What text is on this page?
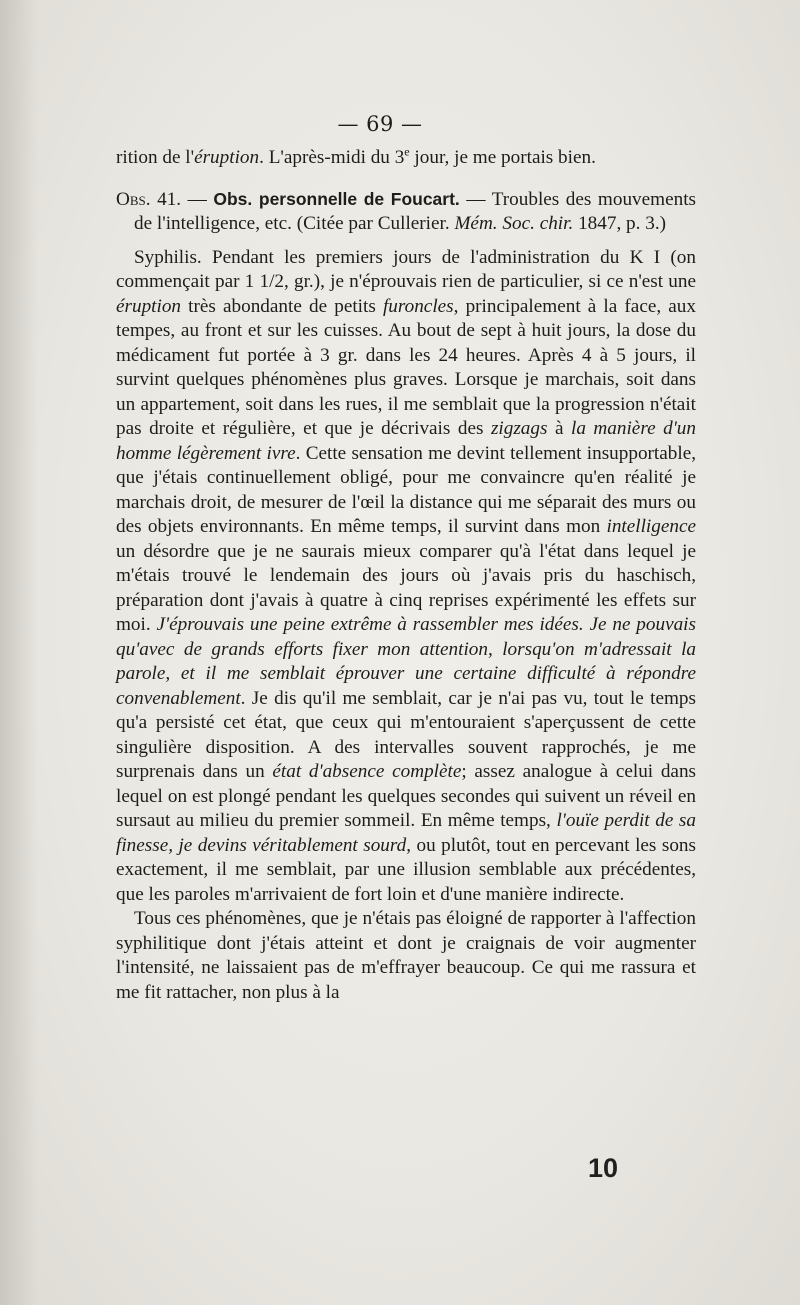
— 69 —

rition de l'éruption. L'après-midi du 3e jour, je me portais bien.

Obs. 41. — Obs. personnelle de Foucart. — Troubles des mouvements de l'intelligence, etc. (Citée par Cullerier. Mém. Soc. chir. 1847, p. 3.)

Syphilis. Pendant les premiers jours de l'administration du K I (on commençait par 1 1/2, gr.), je n'éprouvais rien de particulier, si ce n'est une éruption très abondante de petits furoncles, principalement à la face, aux tempes, au front et sur les cuisses. Au bout de sept à huit jours, la dose du médicament fut portée à 3 gr. dans les 24 heures. Après 4 à 5 jours, il survint quelques phénomènes plus graves. Lorsque je marchais, soit dans un appartement, soit dans les rues, il me semblait que la progression n'était pas droite et régulière, et que je décrivais des zigzags à la manière d'un homme légèrement ivre. Cette sensation me devint tellement insupportable, que j'étais continuellement obligé, pour me convaincre qu'en réalité je marchais droit, de mesurer de l'œil la distance qui me séparait des murs ou des objets environnants. En même temps, il survint dans mon intelligence un désordre que je ne saurais mieux comparer qu'à l'état dans lequel je m'étais trouvé le lendemain des jours où j'avais pris du haschisch, préparation dont j'avais à quatre à cinq reprises expérimenté les effets sur moi. J'éprouvais une peine extrême à rassembler mes idées. Je ne pouvais qu'avec de grands efforts fixer mon attention, lorsqu'on m'adressait la parole, et il me semblait éprouver une certaine difficulté à répondre convenablement. Je dis qu'il me semblait, car je n'ai pas vu, tout le temps qu'a persisté cet état, que ceux qui m'entouraient s'aperçussent de cette singulière disposition. A des intervalles souvent rapprochés, je me surprenais dans un état d'absence complète; assez analogue à celui dans lequel on est plongé pendant les quelques secondes qui suivent un réveil en sursaut au milieu du premier sommeil. En même temps, l'ouïe perdit de sa finesse, je devins véritablement sourd, ou plutôt, tout en percevant les sons exactement, il me semblait, par une illusion semblable aux précédentes, que les paroles m'arrivaient de fort loin et d'une manière indirecte.

Tous ces phénomènes, que je n'étais pas éloigné de rapporter à l'affection syphilitique dont j'étais atteint et dont je craignais de voir augmenter l'intensité, ne laissaient pas de m'effrayer beaucoup. Ce qui me rassura et me fit rattacher, non plus à la

10
